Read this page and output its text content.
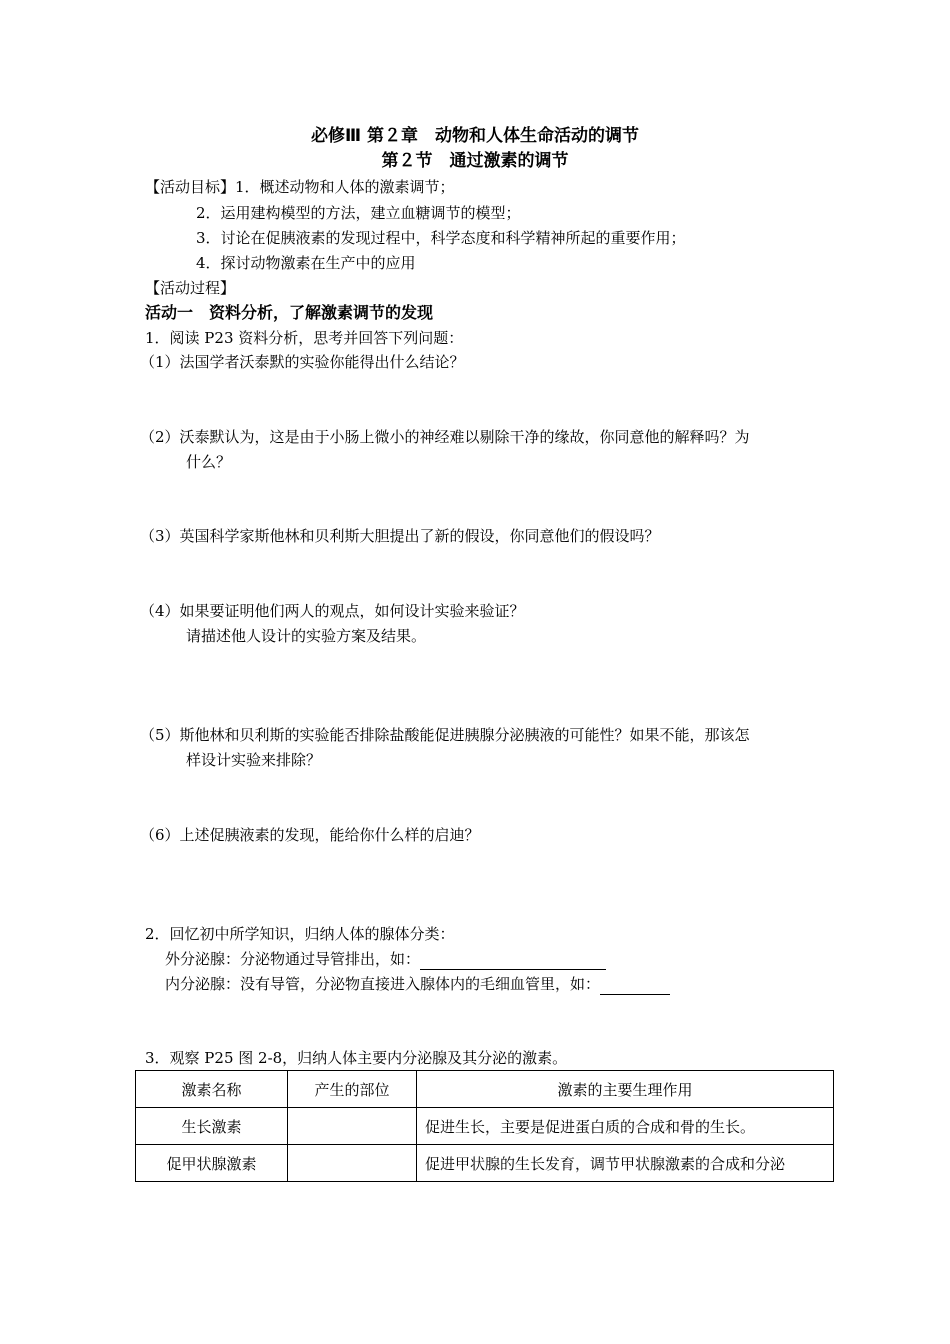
必修Ⅲ 第２章　动物和人体生命活动的调节
第２节　通过激素的调节
【活动目标】1．概述动物和人体的激素调节；
2．运用建构模型的方法，建立血糖调节的模型；
3．讨论在促胰液素的发现过程中，科学态度和科学精神所起的重要作用；
4．探讨动物激素在生产中的应用
【活动过程】
活动一　资料分析，了解激素调节的发现
1．阅读 P23 资料分析，思考并回答下列问题：
（1）法国学者沃泰默的实验你能得出什么结论？
（2）沃泰默认为，这是由于小肠上微小的神经难以剔除干净的缘故，你同意他的解释吗？为
什么？
（3）英国科学家斯他林和贝利斯大胆提出了新的假设，你同意他们的假设吗？
（4）如果要证明他们两人的观点，如何设计实验来验证？
请描述他人设计的实验方案及结果。
（5）斯他林和贝利斯的实验能否排除盐酸能促进胰腺分泌胰液的可能性？如果不能，那该怎
样设计实验来排除？
（6）上述促胰液素的发现，能给你什么样的启迪？
2．回忆初中所学知识，归纳人体的腺体分类：
外分泌腺：分泌物通过导管排出，如：
内分泌腺：没有导管，分泌物直接进入腺体内的毛细血管里，如：
3．观察 P25 图 2-8，归纳人体主要内分泌腺及其分泌的激素。
激素名称	产生的部位	激素的主要生理作用
生长激素		促进生长，主要是促进蛋白质的合成和骨的生长。
促甲状腺激素		促进甲状腺的生长发育，调节甲状腺激素的合成和分泌
